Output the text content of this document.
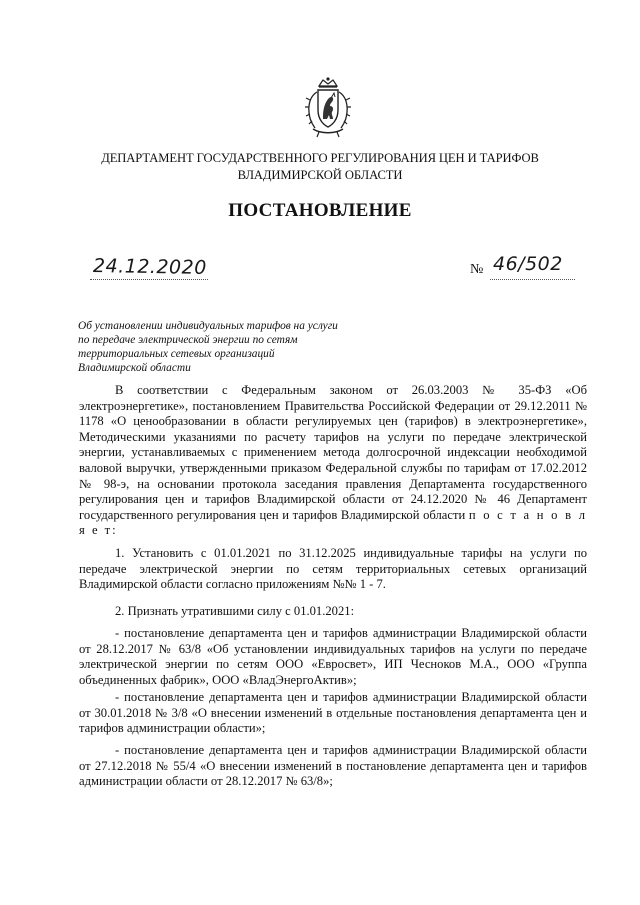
ДЕПАРТАМЕНТ ГОСУДАРСТВЕННОГО РЕГУЛИРОВАНИЯ ЦЕН И ТАРИФОВ
ВЛАДИМИРСКОЙ ОБЛАСТИ
ПОСТАНОВЛЕНИЕ
24.12.2020	№ 46/502
Об установлении индивидуальных тарифов на услуги по передаче электрической энергии по сетям территориальных сетевых организаций Владимирской области
В соответствии с Федеральным законом от 26.03.2003 № 35-ФЗ «Об электроэнергетике», постановлением Правительства Российской Федерации от 29.12.2011 № 1178 «О ценообразовании в области регулируемых цен (тарифов) в электроэнергетике», Методическими указаниями по расчету тарифов на услуги по передаче электрической энергии, устанавливаемых с применением метода долгосрочной индексации необходимой валовой выручки, утвержденными приказом Федеральной службы по тарифам от 17.02.2012 № 98-э, на основании протокола заседания правления Департамента государственного регулирования цен и тарифов Владимирской области от 24.12.2020 № 46 Департамент государственного регулирования цен и тарифов Владимирской области п о с т а н о в л я е т:
1. Установить с 01.01.2021 по 31.12.2025 индивидуальные тарифы на услуги по передаче электрической энергии по сетям территориальных сетевых организаций Владимирской области согласно приложениям №№ 1 - 7.
2. Признать утратившими силу с 01.01.2021:
- постановление департамента цен и тарифов администрации Владимирской области от 28.12.2017 № 63/8 «Об установлении индивидуальных тарифов на услуги по передаче электрической энергии по сетям ООО «Евросвет», ИП Чесноков М.А., ООО «Группа объединенных фабрик», ООО «ВладЭнергоАктив»;
- постановление департамента цен и тарифов администрации Владимирской области от 30.01.2018 № 3/8 «О внесении изменений в отдельные постановления департамента цен и тарифов администрации области»;
- постановление департамента цен и тарифов администрации Владимирской области от 27.12.2018 № 55/4 «О внесении изменений в постановление департамента цен и тарифов администрации области от 28.12.2017 № 63/8»;
